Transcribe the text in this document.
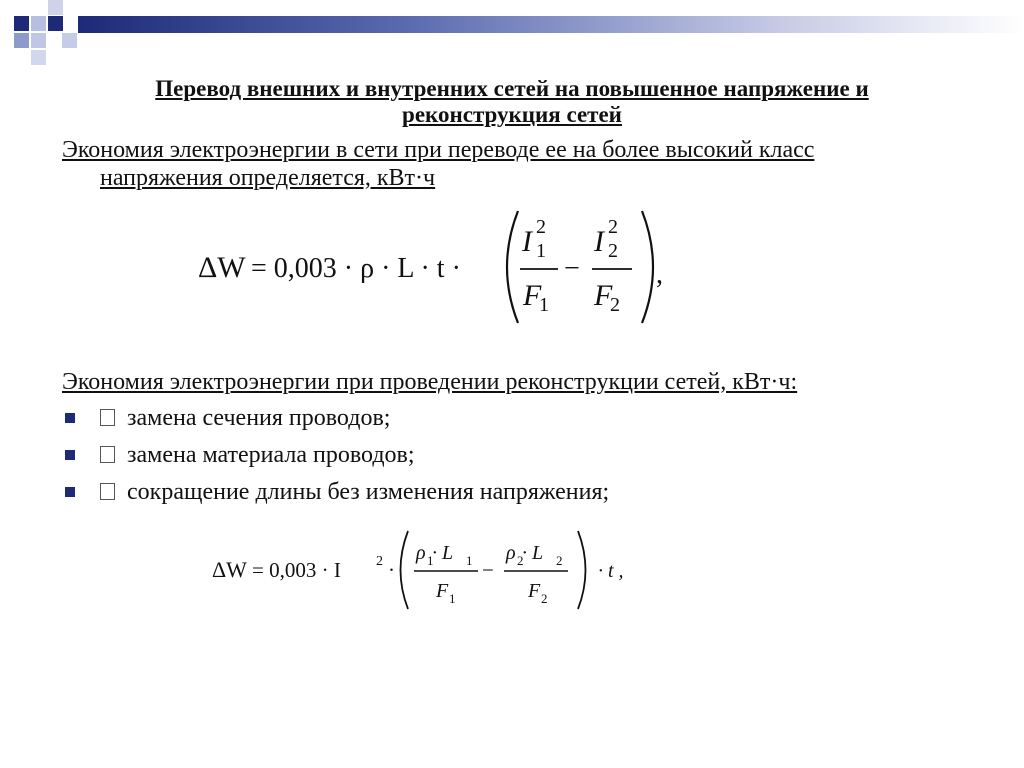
Перевод внешних и внутренних сетей на повышенное напряжение и
реконструкция сетей
Экономия электроэнергии в сети при переводе ее на более высокий класс
напряжения определяется, кВт·ч
ΔW = 0,003 · ρ · L · t ·
I 2
1
F
1
−
I 2
2
F
2
,
Экономия электроэнергии при проведении реконструкции сетей, кВт·ч:
замена сечения проводов;
замена материала проводов;
сокращение длины без изменения напряжения;
ΔW = 0,003 · I	2 ·
ρ 1
· L 1
F 1
−
ρ 2
· L 2
F 2
· t ,
